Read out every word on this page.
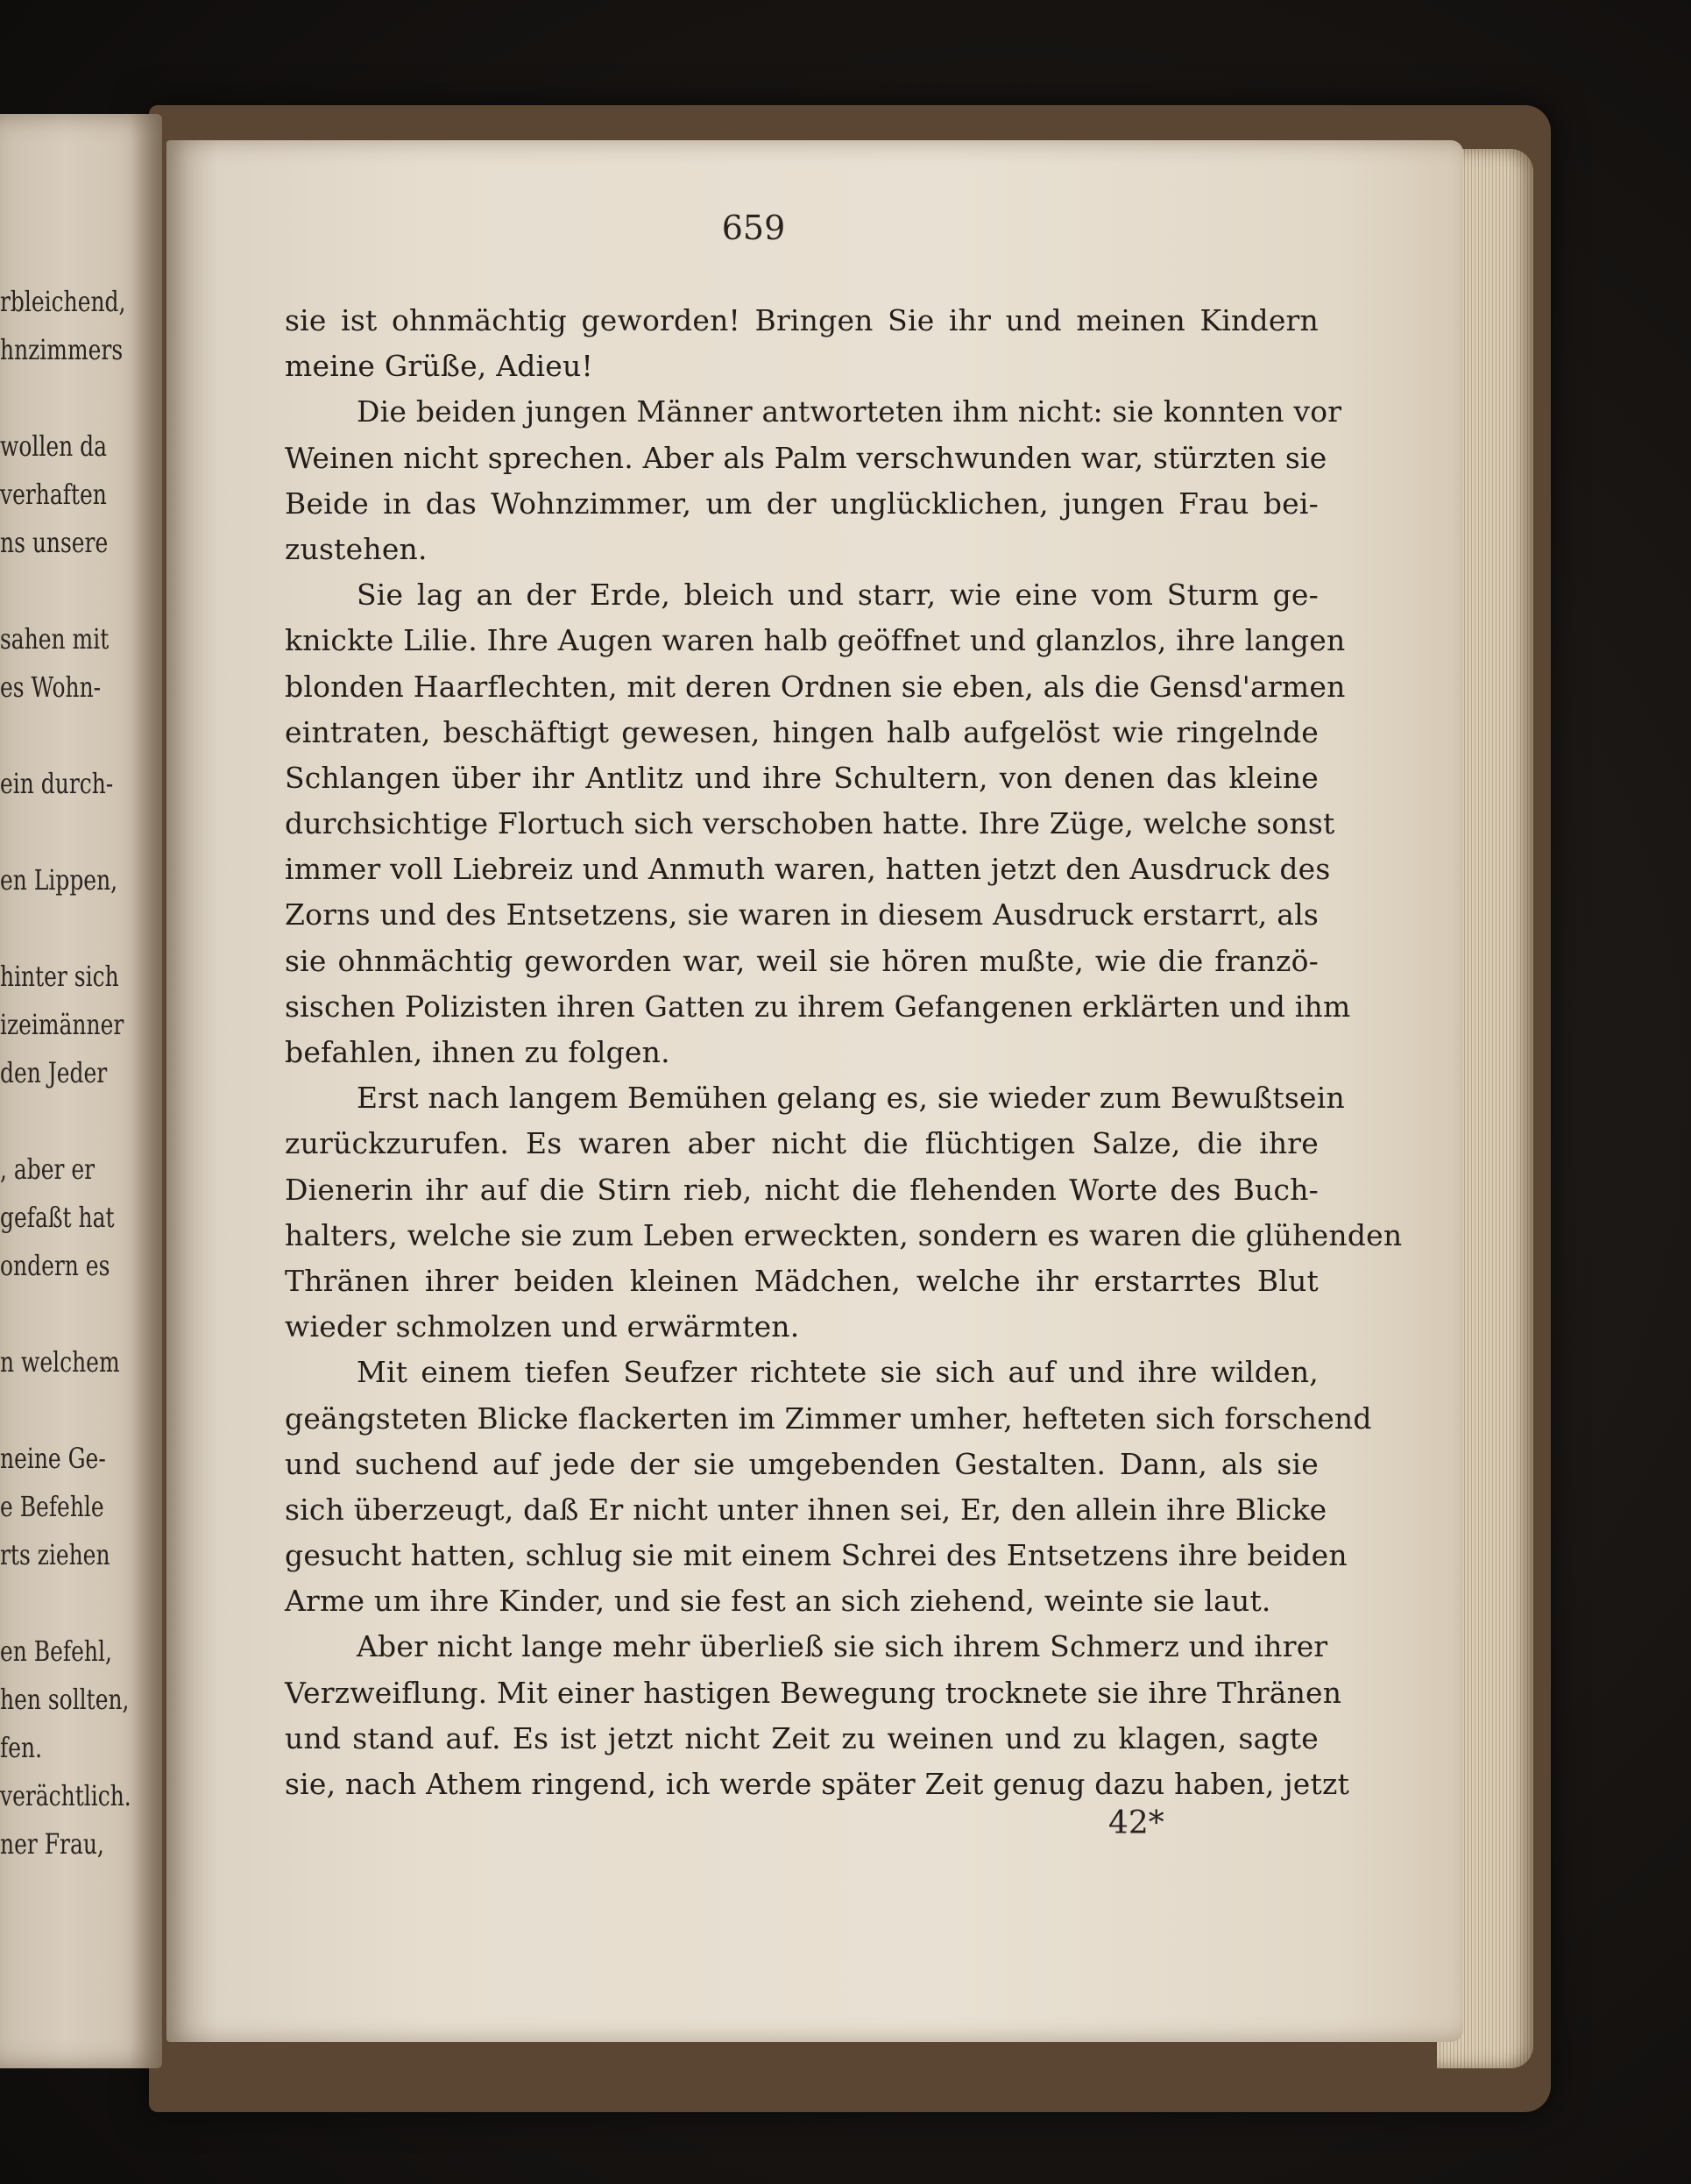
rbleichend,
hnzimmers
wollen da
verhaften
ns unsere
sahen mit
es Wohn-
ein durch-
en Lippen,
hinter sich
izeimänner
den Jeder
, aber er
gefaßt hat
ondern es
n welchem
neine Ge-
e Befehle
rts ziehen
en Befehl,
hen sollten,
fen.
verächtlich.
ner Frau,
659
sie ist ohnmächtig geworden! Bringen Sie ihr und meinen Kindern
meine Grüße, Adieu!
Die beiden jungen Männer antworteten ihm nicht: sie konnten vor
Weinen nicht sprechen. Aber als Palm verschwunden war, stürzten sie
Beide in das Wohnzimmer, um der unglücklichen, jungen Frau bei-
zustehen.
Sie lag an der Erde, bleich und starr, wie eine vom Sturm ge-
knickte Lilie. Ihre Augen waren halb geöffnet und glanzlos, ihre langen
blonden Haarflechten, mit deren Ordnen sie eben, als die Gensd'armen
eintraten, beschäftigt gewesen, hingen halb aufgelöst wie ringelnde
Schlangen über ihr Antlitz und ihre Schultern, von denen das kleine
durchsichtige Flortuch sich verschoben hatte. Ihre Züge, welche sonst
immer voll Liebreiz und Anmuth waren, hatten jetzt den Ausdruck des
Zorns und des Entsetzens, sie waren in diesem Ausdruck erstarrt, als
sie ohnmächtig geworden war, weil sie hören mußte, wie die franzö-
sischen Polizisten ihren Gatten zu ihrem Gefangenen erklärten und ihm
befahlen, ihnen zu folgen.
Erst nach langem Bemühen gelang es, sie wieder zum Bewußtsein
zurückzurufen. Es waren aber nicht die flüchtigen Salze, die ihre
Dienerin ihr auf die Stirn rieb, nicht die flehenden Worte des Buch-
halters, welche sie zum Leben erweckten, sondern es waren die glühenden
Thränen ihrer beiden kleinen Mädchen, welche ihr erstarrtes Blut
wieder schmolzen und erwärmten.
Mit einem tiefen Seufzer richtete sie sich auf und ihre wilden,
geängsteten Blicke flackerten im Zimmer umher, hefteten sich forschend
und suchend auf jede der sie umgebenden Gestalten. Dann, als sie
sich überzeugt, daß Er nicht unter ihnen sei, Er, den allein ihre Blicke
gesucht hatten, schlug sie mit einem Schrei des Entsetzens ihre beiden
Arme um ihre Kinder, und sie fest an sich ziehend, weinte sie laut.
Aber nicht lange mehr überließ sie sich ihrem Schmerz und ihrer
Verzweiflung. Mit einer hastigen Bewegung trocknete sie ihre Thränen
und stand auf. Es ist jetzt nicht Zeit zu weinen und zu klagen, sagte
sie, nach Athem ringend, ich werde später Zeit genug dazu haben, jetzt
42*
